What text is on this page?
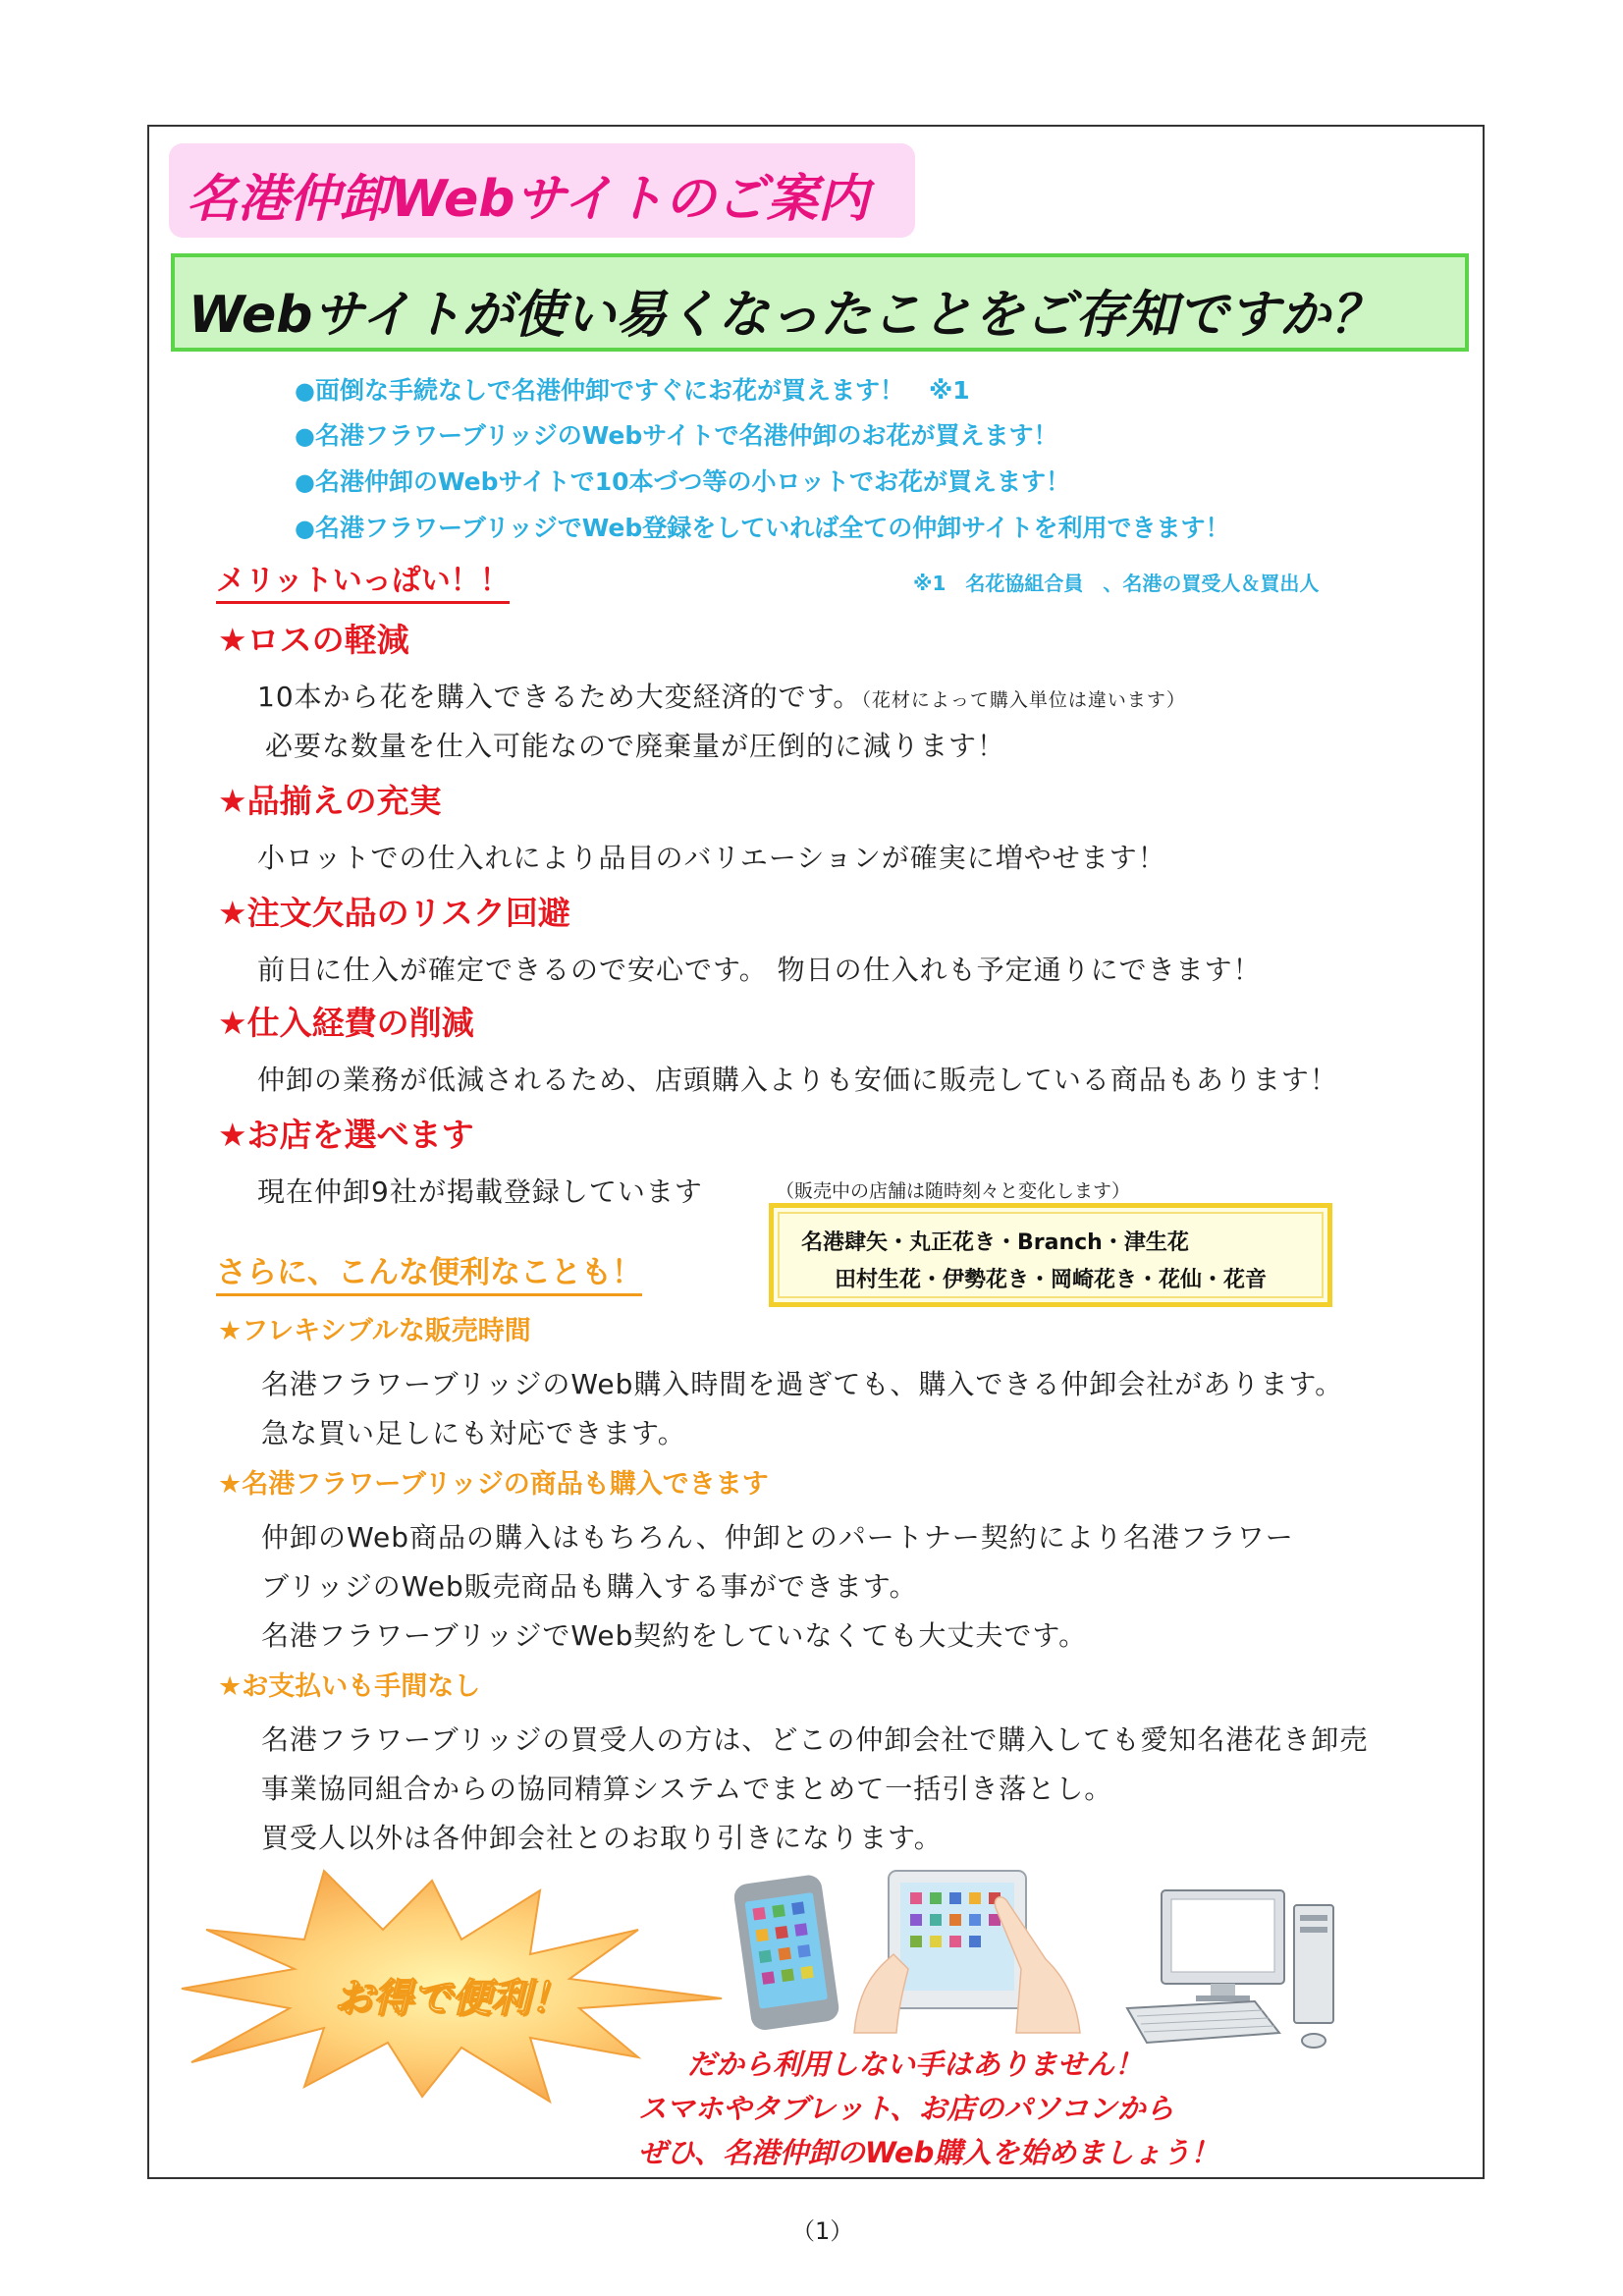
名港仲卸Webサイトのご案内
Webサイトが使い易くなったことをご存知ですか？
●面倒な手続なしで名港仲卸ですぐにお花が買えます！　※1
●名港フラワーブリッジのWebサイトで名港仲卸のお花が買えます！
●名港仲卸のWebサイトで10本づつ等の小ロットでお花が買えます！
●名港フラワーブリッジでWeb登録をしていれば全ての仲卸サイトを利用できます！
メリットいっぱい！！	※1　名花協組合員　、名港の買受人＆買出人
★ロスの軽減
10本から花を購入できるため大変経済的です。（花材によって購入単位は違います）
必要な数量を仕入可能なので廃棄量が圧倒的に減ります！
★品揃えの充実
小ロットでの仕入れにより品目のバリエーションが確実に増やせます！
★注文欠品のリスク回避
前日に仕入が確定できるので安心です。 物日の仕入れも予定通りにできます！
★仕入経費の削減
仲卸の業務が低減されるため、店頭購入よりも安価に販売している商品もあります！
★お店を選べます
現在仲卸9社が掲載登録しています	（販売中の店舗は随時刻々と変化します）
名港肆矢・丸正花き・Branch・津生花
田村生花・伊勢花き・岡崎花き・花仙・花音
さらに、こんな便利なことも！
★フレキシブルな販売時間
名港フラワーブリッジのWeb購入時間を過ぎても、購入できる仲卸会社があります。
急な買い足しにも対応できます。
★名港フラワーブリッジの商品も購入できます
仲卸のWeb商品の購入はもちろん、仲卸とのパートナー契約により名港フラワー
ブリッジのWeb販売商品も購入する事ができます。
名港フラワーブリッジでWeb契約をしていなくても大丈夫です。
★お支払いも手間なし
名港フラワーブリッジの買受人の方は、どこの仲卸会社で購入しても愛知名港花き卸売
事業協同組合からの協同精算システムでまとめて一括引き落とし。
買受人以外は各仲卸会社とのお取り引きになります。
お得で便利！
だから利用しない手はありません！
スマホやタブレット、お店のパソコンから
ぜひ、名港仲卸のWeb購入を始めましょう！
（1）
